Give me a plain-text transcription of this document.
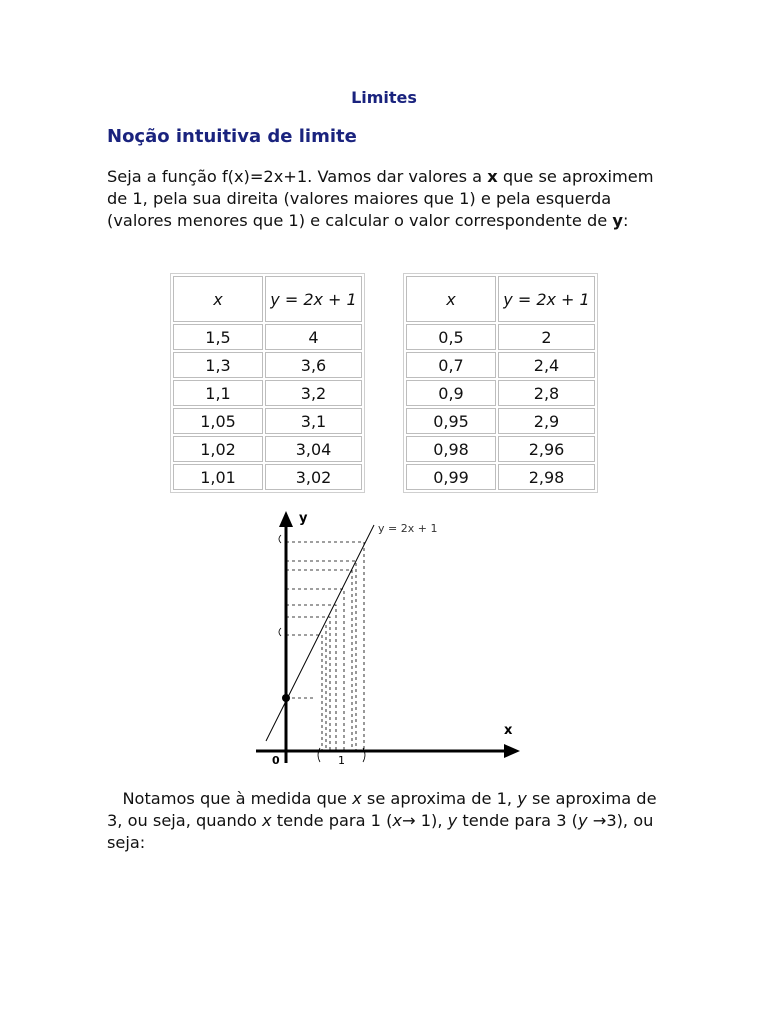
Limites
Noção intuitiva de limite
Seja a função f(x)=2x+1. Vamos dar valores a x que se aproximem de 1, pela sua direita (valores maiores que 1) e pela esquerda (valores menores que 1) e calcular o valor correspondente de y:
x	y = 2x + 1
1,5	4
1,3	3,6
1,1	3,2
1,05	3,1
1,02	3,04
1,01	3,02
x	y = 2x + 1
0,5	2
0,7	2,4
0,9	2,8
0,95	2,9
0,98	2,96
0,99	2,98
y
x
y = 2x + 1
0	1
Notamos que à medida que x se aproxima de 1, y se aproxima de 3, ou seja, quando x tende para 1 (x→ 1), y tende para 3 (y →3), ou seja:
